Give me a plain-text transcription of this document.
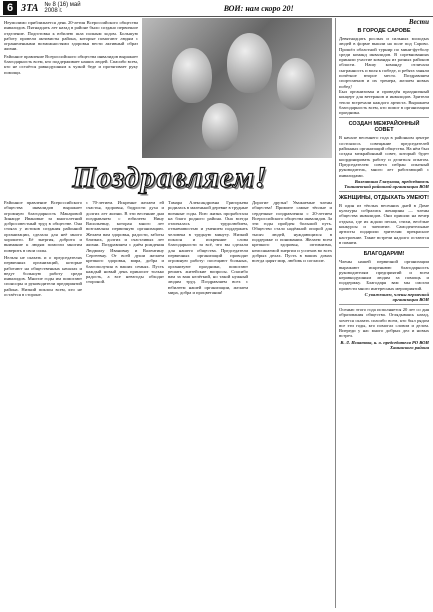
6 ЗТА № 8 (16) май 2008 г.	ВОИ: нам скоро 20!

Неумолимо приближается день 20-летия Всероссийского общества инвалидов. Пятнадцать лет назад в районе было создано первичное отделение. Подготовка к юбилею шла полным ходом. Большую работу провели активисты района, которые помогают людям с ограниченными возможностями здоровья вести активный образ жизни.

Районное правление Всероссийского общества инвалидов выражает благодарность всем, кто поддерживает наших людей. Спасибо всем, кто не остаётся равнодушным к чужой беде и протягивает руку помощи.

Поздравляем!

Районное правление Всероссийского общества инвалидов выражает огромную благодарность Макаровой Зинаиде Ивановне за многолетний добросовестный труд в обществе. Она стояла у истоков создания районной организации, сделала для неё много хорошего. Её энергия, доброта и внимание к людям помогли многим поверить в свои силы.

Нельзя не сказать и о председателях первичных организаций, которые работают на общественных началах и ведут большую работу среди инвалидов. Многие годы им помогают спонсоры и руководители предприятий района. Низкий поклон всем, кто не остаётся в стороне.

с 70-летием. Искренне желаем ей счастья, здоровья, бодрости духа и долгих лет жизни. В эти весенние дни поздравляем с юбилеем Нину Васильевну, которая много лет возглавляла первичную организацию. Желаем вам здоровья, радости, заботы близких, долгих и счастливых лет жизни. Поздравляем с днём рождения Людмилу Ивановну и Валентину Сергеевну. От всей души желаем крепкого здоровья, мира, добра и благополучия в ваших семьях. Пусть каждый новый день приносит только радость, а все невзгоды обходят стороной.

Тамара Александровна Григорьева родилась в маленькой деревне в трудные военные годы. Всю жизнь проработала на благо родного района. Она всегда отличалась трудолюбием, отзывчивостью и умением поддержать человека в трудную минуту. Низкий поклон и искренние слова благодарности за всё, что вы сделали для нашего общества. Председатели первичных организаций проводят огромную работу: посещают больных, организуют праздники, помогают решать житейские вопросы. Спасибо вам за ваш нелёгкий, но такой нужный людям труд. Поздравляем всех с юбилеем нашей организации, желаем мира, добра и процветания!

Дорогие друзья! Уважаемые члены общества! Примите самые тёплые и сердечные поздравления с 20-летием Всероссийского общества инвалидов. За эти годы пройден большой путь. Общество стало надёжной опорой для тысяч людей, нуждающихся в поддержке и понимании. Желаем всем крепкого здоровья, оптимизма, неиссякаемой энергии и успехов во всех добрых делах. Пусть в ваших домах всегда царят мир, любовь и согласие.

Вести
В ГОРОДЕ САРОВЕ

Девятнадцать рослых и сильных молодых людей в форме вышли на поле под Сарово. Прошёл областной турнир по мини-футболу среди команд инвалидов. В соревнованиях приняли участие команды из разных районов области. Нашу команду отличала сыгранность и воля к победе, и ребята заняли почётное второе место. Поздравляем спортсменов и их тренера, желаем новых побед!

Был организован и проведён праздничный концерт для ветеранов и инвалидов. Зрители тепло встречали каждого артиста. Выражаем благодарность всем, кто помог в организации праздника.

СОЗДАН МЕЖРАЙОННЫЙ СОВЕТ

В начале весеннего года в районном центре состоялось совещание председателей районных организаций общества. На нём был создан межрайонный совет, который будет координировать работу и делиться опытом. Председателем совета избран опытный руководитель, много лет работающий с инвалидами.

Валентина Глазунова, председатель Тоншаевской районной организации ВОИ
ЖЕНЩИНЫ, ОТДЫХАТЬ УМЕЮТ!

В один из тёплых весенних дней в Доме культуры собрались женщины — члены общества инвалидов. Они пришли на вечер отдыха, где их ждали песни, стихи, весёлые конкурсы и чаепитие. Самодеятельные артисты подарили зрителям прекрасное настроение. Такие встречи надолго остаются в памяти.

БЛАГОДАРИМ!

Члены нашей первичной организации выражают искреннюю благодарность руководителям предприятий и всем неравнодушным людям за помощь и поддержку. Благодаря вам мы смогли провести много интересных мероприятий.

С уважением, члены первичной организации ВОИ

Осенью этого года исполняется 20 лет со дня образования общества. Оглядываясь назад, хочется сказать спасибо всем, кто был рядом все эти годы, кто помогал словом и делом. Впереди у нас много добрых дел и новых встреч.

В. Л. Игнатова, и. о. председателя РО ВОИ Ханинского района
